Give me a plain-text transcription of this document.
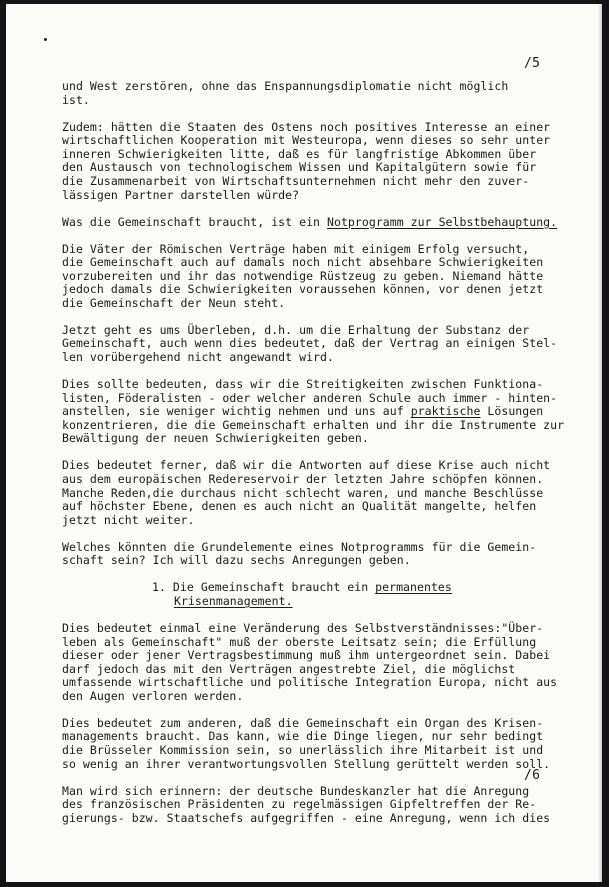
/5
und West zerstören, ohne das Enspannungsdiplomatie nicht möglich
ist.
Zudem: hätten die Staaten des Ostens noch positives Interesse an einer
wirtschaftlichen Kooperation mit Westeuropa, wenn dieses so sehr unter
inneren Schwierigkeiten litte, daß es für langfristige Abkommen über
den Austausch von technologischem Wissen und Kapitalgütern sowie für
die Zusammenarbeit von Wirtschaftsunternehmen nicht mehr den zuver-
lässigen Partner darstellen würde?
Was die Gemeinschaft braucht, ist ein Notprogramm zur Selbstbehauptung.
Die Väter der Römischen Verträge haben mit einigem Erfolg versucht,
die Gemeinschaft auch auf damals noch nicht absehbare Schwierigkeiten
vorzubereiten und ihr das notwendige Rüstzeug zu geben. Niemand hätte
jedoch damals die Schwierigkeiten voraussehen können, vor denen jetzt
die Gemeinschaft der Neun steht.
Jetzt geht es ums Überleben, d.h. um die Erhaltung der Substanz der
Gemeinschaft, auch wenn dies bedeutet, daß der Vertrag an einigen Stel-
len vorübergehend nicht angewandt wird.
Dies sollte bedeuten, dass wir die Streitigkeiten zwischen Funktiona-
listen, Föderalisten - oder welcher anderen Schule auch immer - hinten-
anstellen, sie weniger wichtig nehmen und uns auf praktische Lösungen
konzentrieren, die die Gemeinschaft erhalten und ihr die Instrumente zur
Bewältigung der neuen Schwierigkeiten geben.
Dies bedeutet ferner, daß wir die Antworten auf diese Krise auch nicht
aus dem europäischen Redereservoir der letzten Jahre schöpfen können.
Manche Reden,die durchaus nicht schlecht waren, und manche Beschlüsse
auf höchster Ebene, denen es auch nicht an Qualität mangelte, helfen
jetzt nicht weiter.
Welches könnten die Grundelemente eines Notprogramms für die Gemein-
schaft sein? Ich will dazu sechs Anregungen geben.
1. Die Gemeinschaft braucht ein permanentes
Krisenmanagement.
Dies bedeutet einmal eine Veränderung des Selbstverständnisses:"Über-
leben als Gemeinschaft" muß der oberste Leitsatz sein; die Erfüllung
dieser oder jener Vertragsbestimmung muß ihm untergeordnet sein. Dabei
darf jedoch das mit den Verträgen angestrebte Ziel, die möglichst
umfassende wirtschaftliche und politische Integration Europa, nicht aus
den Augen verloren werden.
Dies bedeutet zum anderen, daß die Gemeinschaft ein Organ des Krisen-
managements braucht. Das kann, wie die Dinge liegen, nur sehr bedingt
die Brüsseler Kommission sein, so unerlässlich ihre Mitarbeit ist und
so wenig an ihrer verantwortungsvollen Stellung gerüttelt werden soll.
Man wird sich erinnern: der deutsche Bundeskanzler hat die Anregung
des französischen Präsidenten zu regelmässigen Gipfeltreffen der Re-
gierungs- bzw. Staatschefs aufgegriffen - eine Anregung, wenn ich dies
/6
